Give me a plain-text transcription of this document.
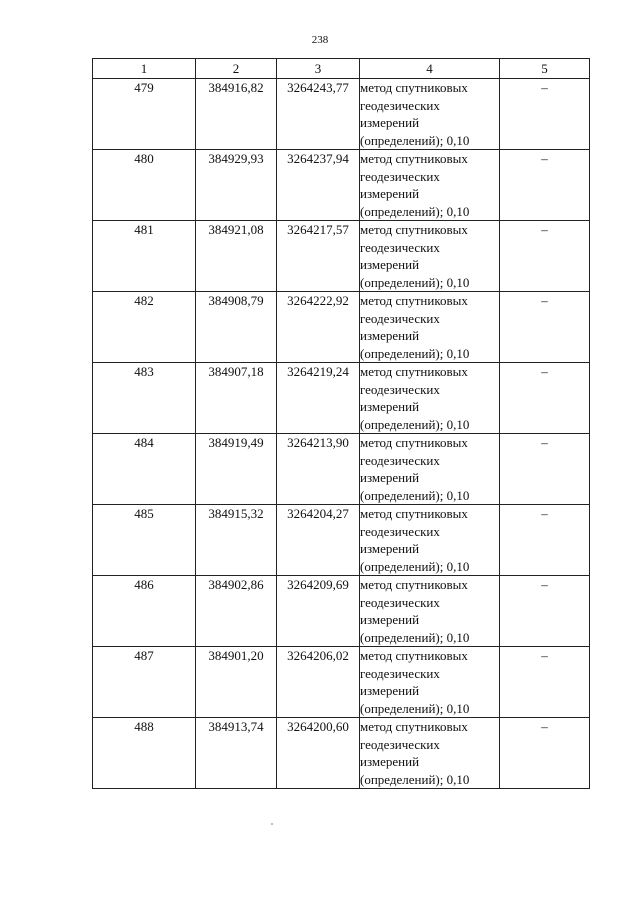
238
1	2	3	4	5
479	384916,82	3264243,77	метод спутниковых геодезических измерений (определений); 0,10	–
480	384929,93	3264237,94	метод спутниковых геодезических измерений (определений); 0,10	–
481	384921,08	3264217,57	метод спутниковых геодезических измерений (определений); 0,10	–
482	384908,79	3264222,92	метод спутниковых геодезических измерений (определений); 0,10	–
483	384907,18	3264219,24	метод спутниковых геодезических измерений (определений); 0,10	–
484	384919,49	3264213,90	метод спутниковых геодезических измерений (определений); 0,10	–
485	384915,32	3264204,27	метод спутниковых геодезических измерений (определений); 0,10	–
486	384902,86	3264209,69	метод спутниковых геодезических измерений (определений); 0,10	–
487	384901,20	3264206,02	метод спутниковых геодезических измерений (определений); 0,10	–
488	384913,74	3264200,60	метод спутниковых геодезических измерений (определений); 0,10	–
